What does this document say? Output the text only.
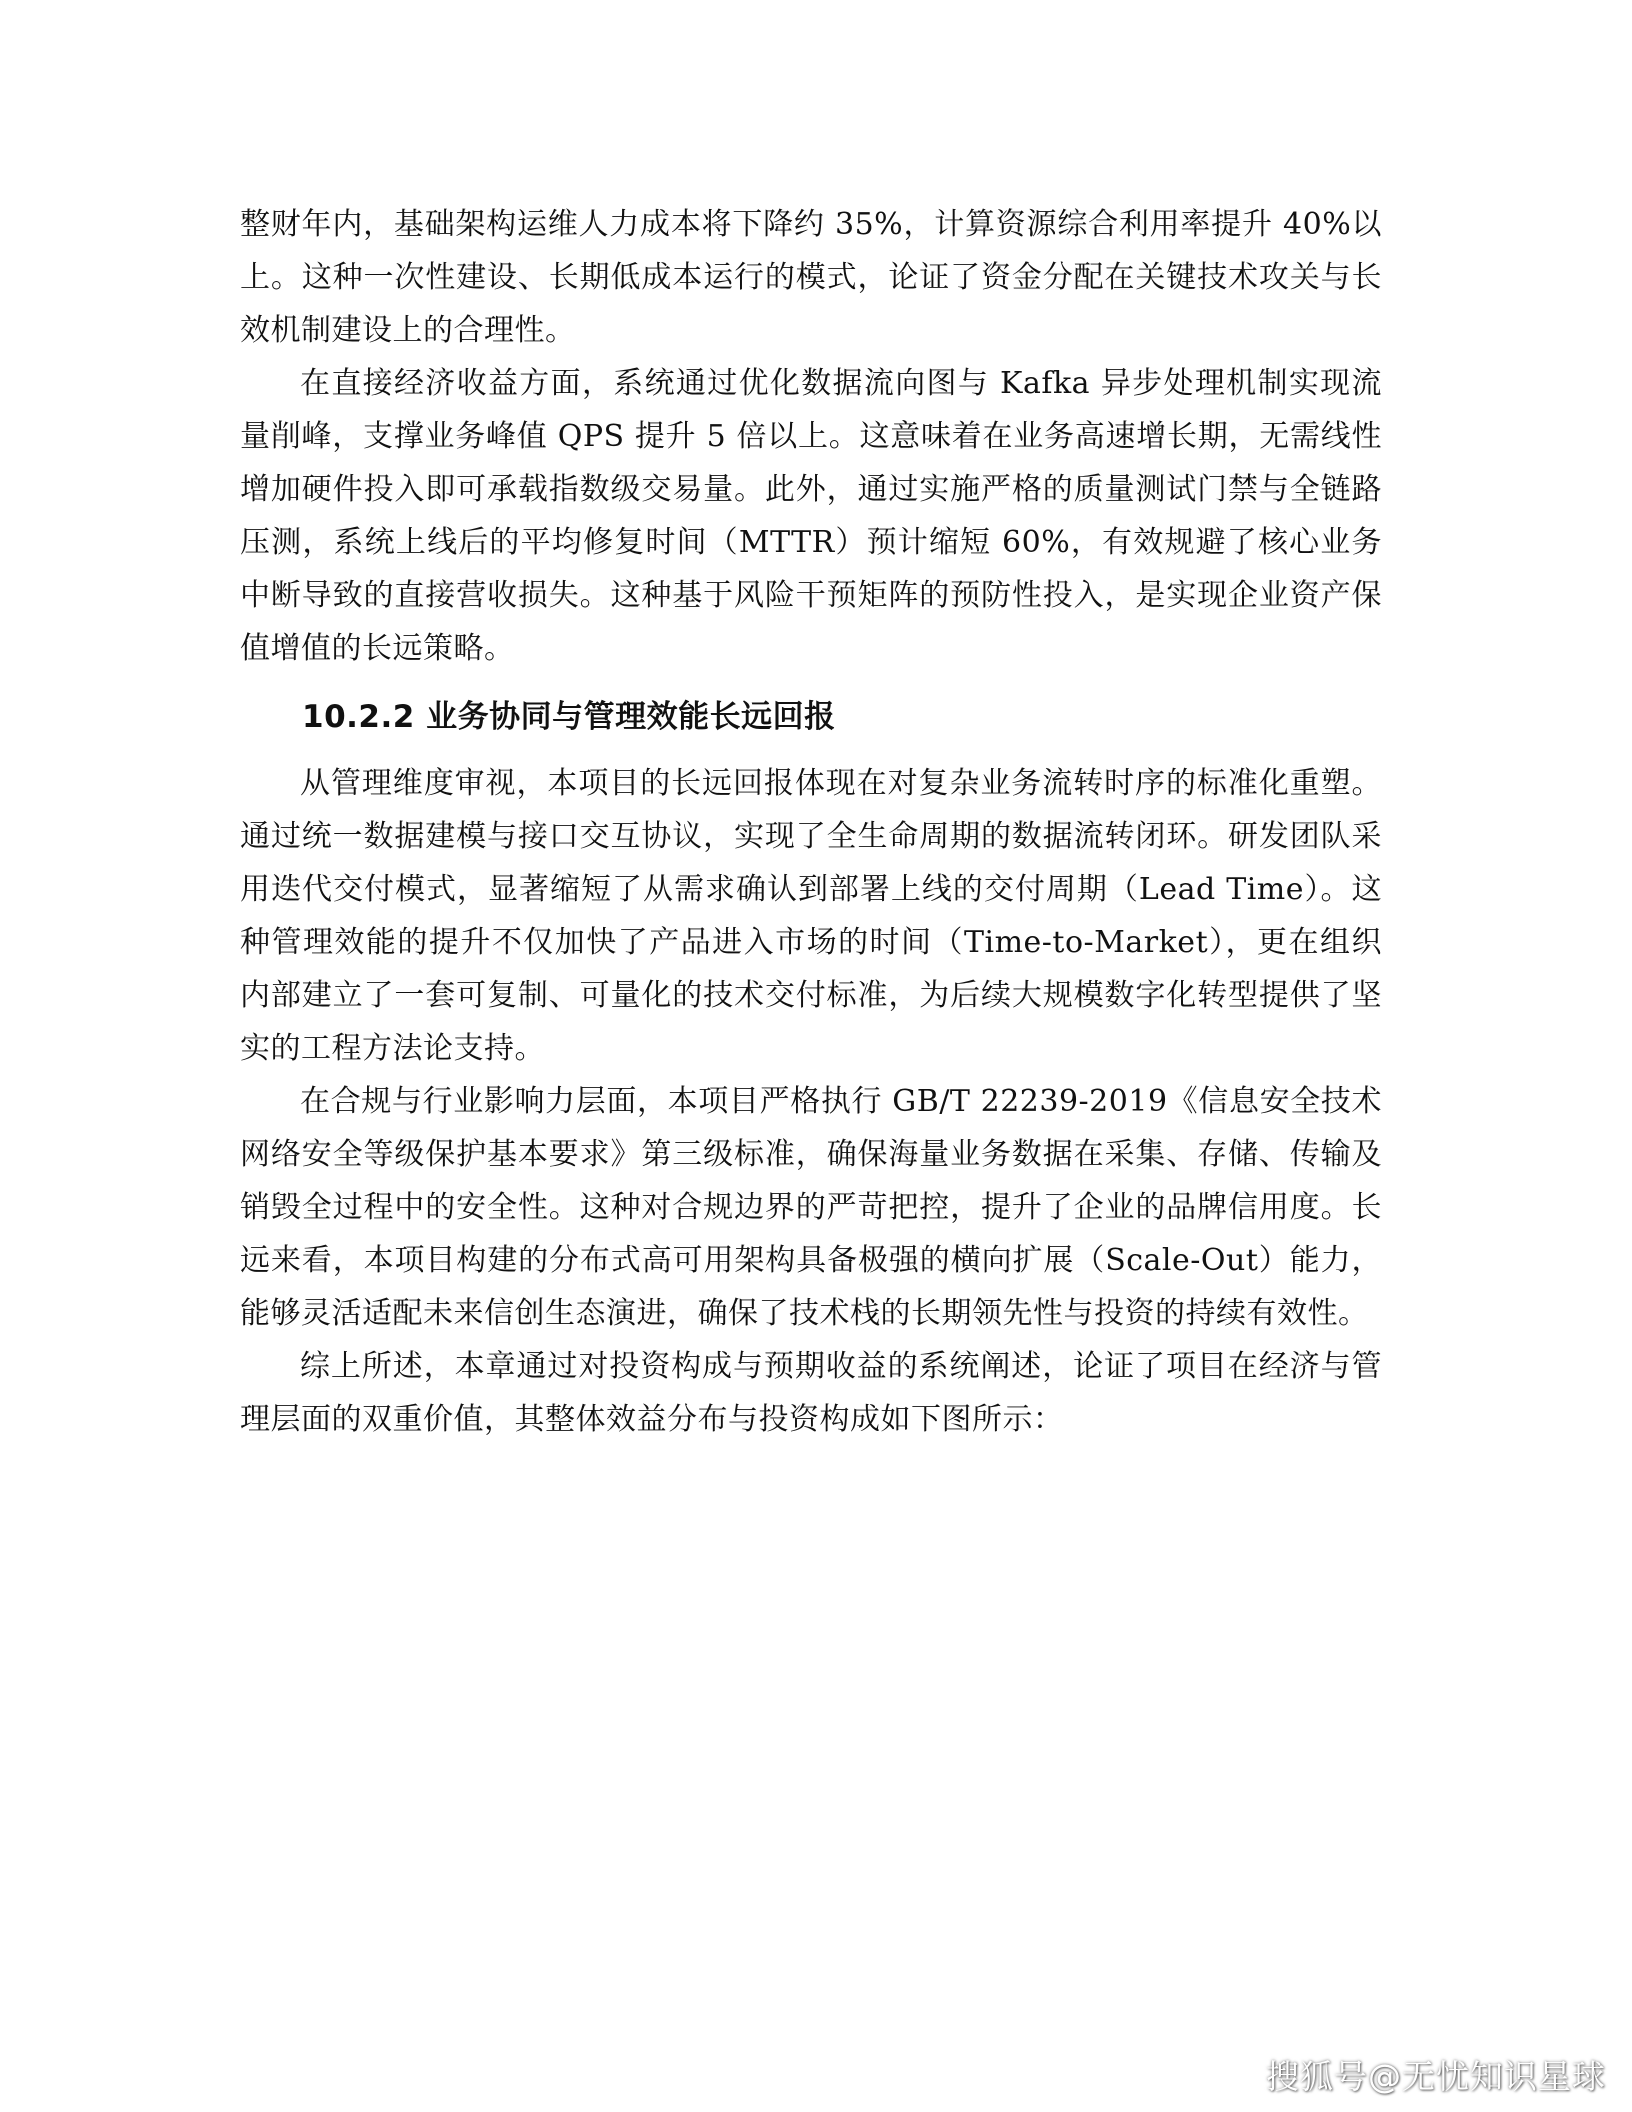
整财年内，基础架构运维人力成本将下降约 35%，计算资源综合利用率提升 40%以上。这种一次性建设、长期低成本运行的模式，论证了资金分配在关键技术攻关与长效机制建设上的合理性。

在直接经济收益方面，系统通过优化数据流向图与 Kafka 异步处理机制实现流量削峰，支撑业务峰值 QPS 提升 5 倍以上。这意味着在业务高速增长期，无需线性增加硬件投入即可承载指数级交易量。此外，通过实施严格的质量测试门禁与全链路压测，系统上线后的平均修复时间（MTTR）预计缩短 60%，有效规避了核心业务中断导致的直接营收损失。这种基于风险干预矩阵的预防性投入，是实现企业资产保值增值的长远策略。

10.2.2 业务协同与管理效能长远回报

从管理维度审视，本项目的长远回报体现在对复杂业务流转时序的标准化重塑。通过统一数据建模与接口交互协议，实现了全生命周期的数据流转闭环。研发团队采用迭代交付模式，显著缩短了从需求确认到部署上线的交付周期（Lead Time）。这种管理效能的提升不仅加快了产品进入市场的时间（Time-to-Market），更在组织内部建立了一套可复制、可量化的技术交付标准，为后续大规模数字化转型提供了坚实的工程方法论支持。

在合规与行业影响力层面，本项目严格执行 GB/T 22239-2019《信息安全技术 网络安全等级保护基本要求》第三级标准，确保海量业务数据在采集、存储、传输及销毁全过程中的安全性。这种对合规边界的严苛把控，提升了企业的品牌信用度。长远来看，本项目构建的分布式高可用架构具备极强的横向扩展（Scale-Out）能力，能够灵活适配未来信创生态演进，确保了技术栈的长期领先性与投资的持续有效性。

综上所述，本章通过对投资构成与预期收益的系统阐述，论证了项目在经济与管理层面的双重价值，其整体效益分布与投资构成如下图所示：

搜狐号@无忧知识星球
